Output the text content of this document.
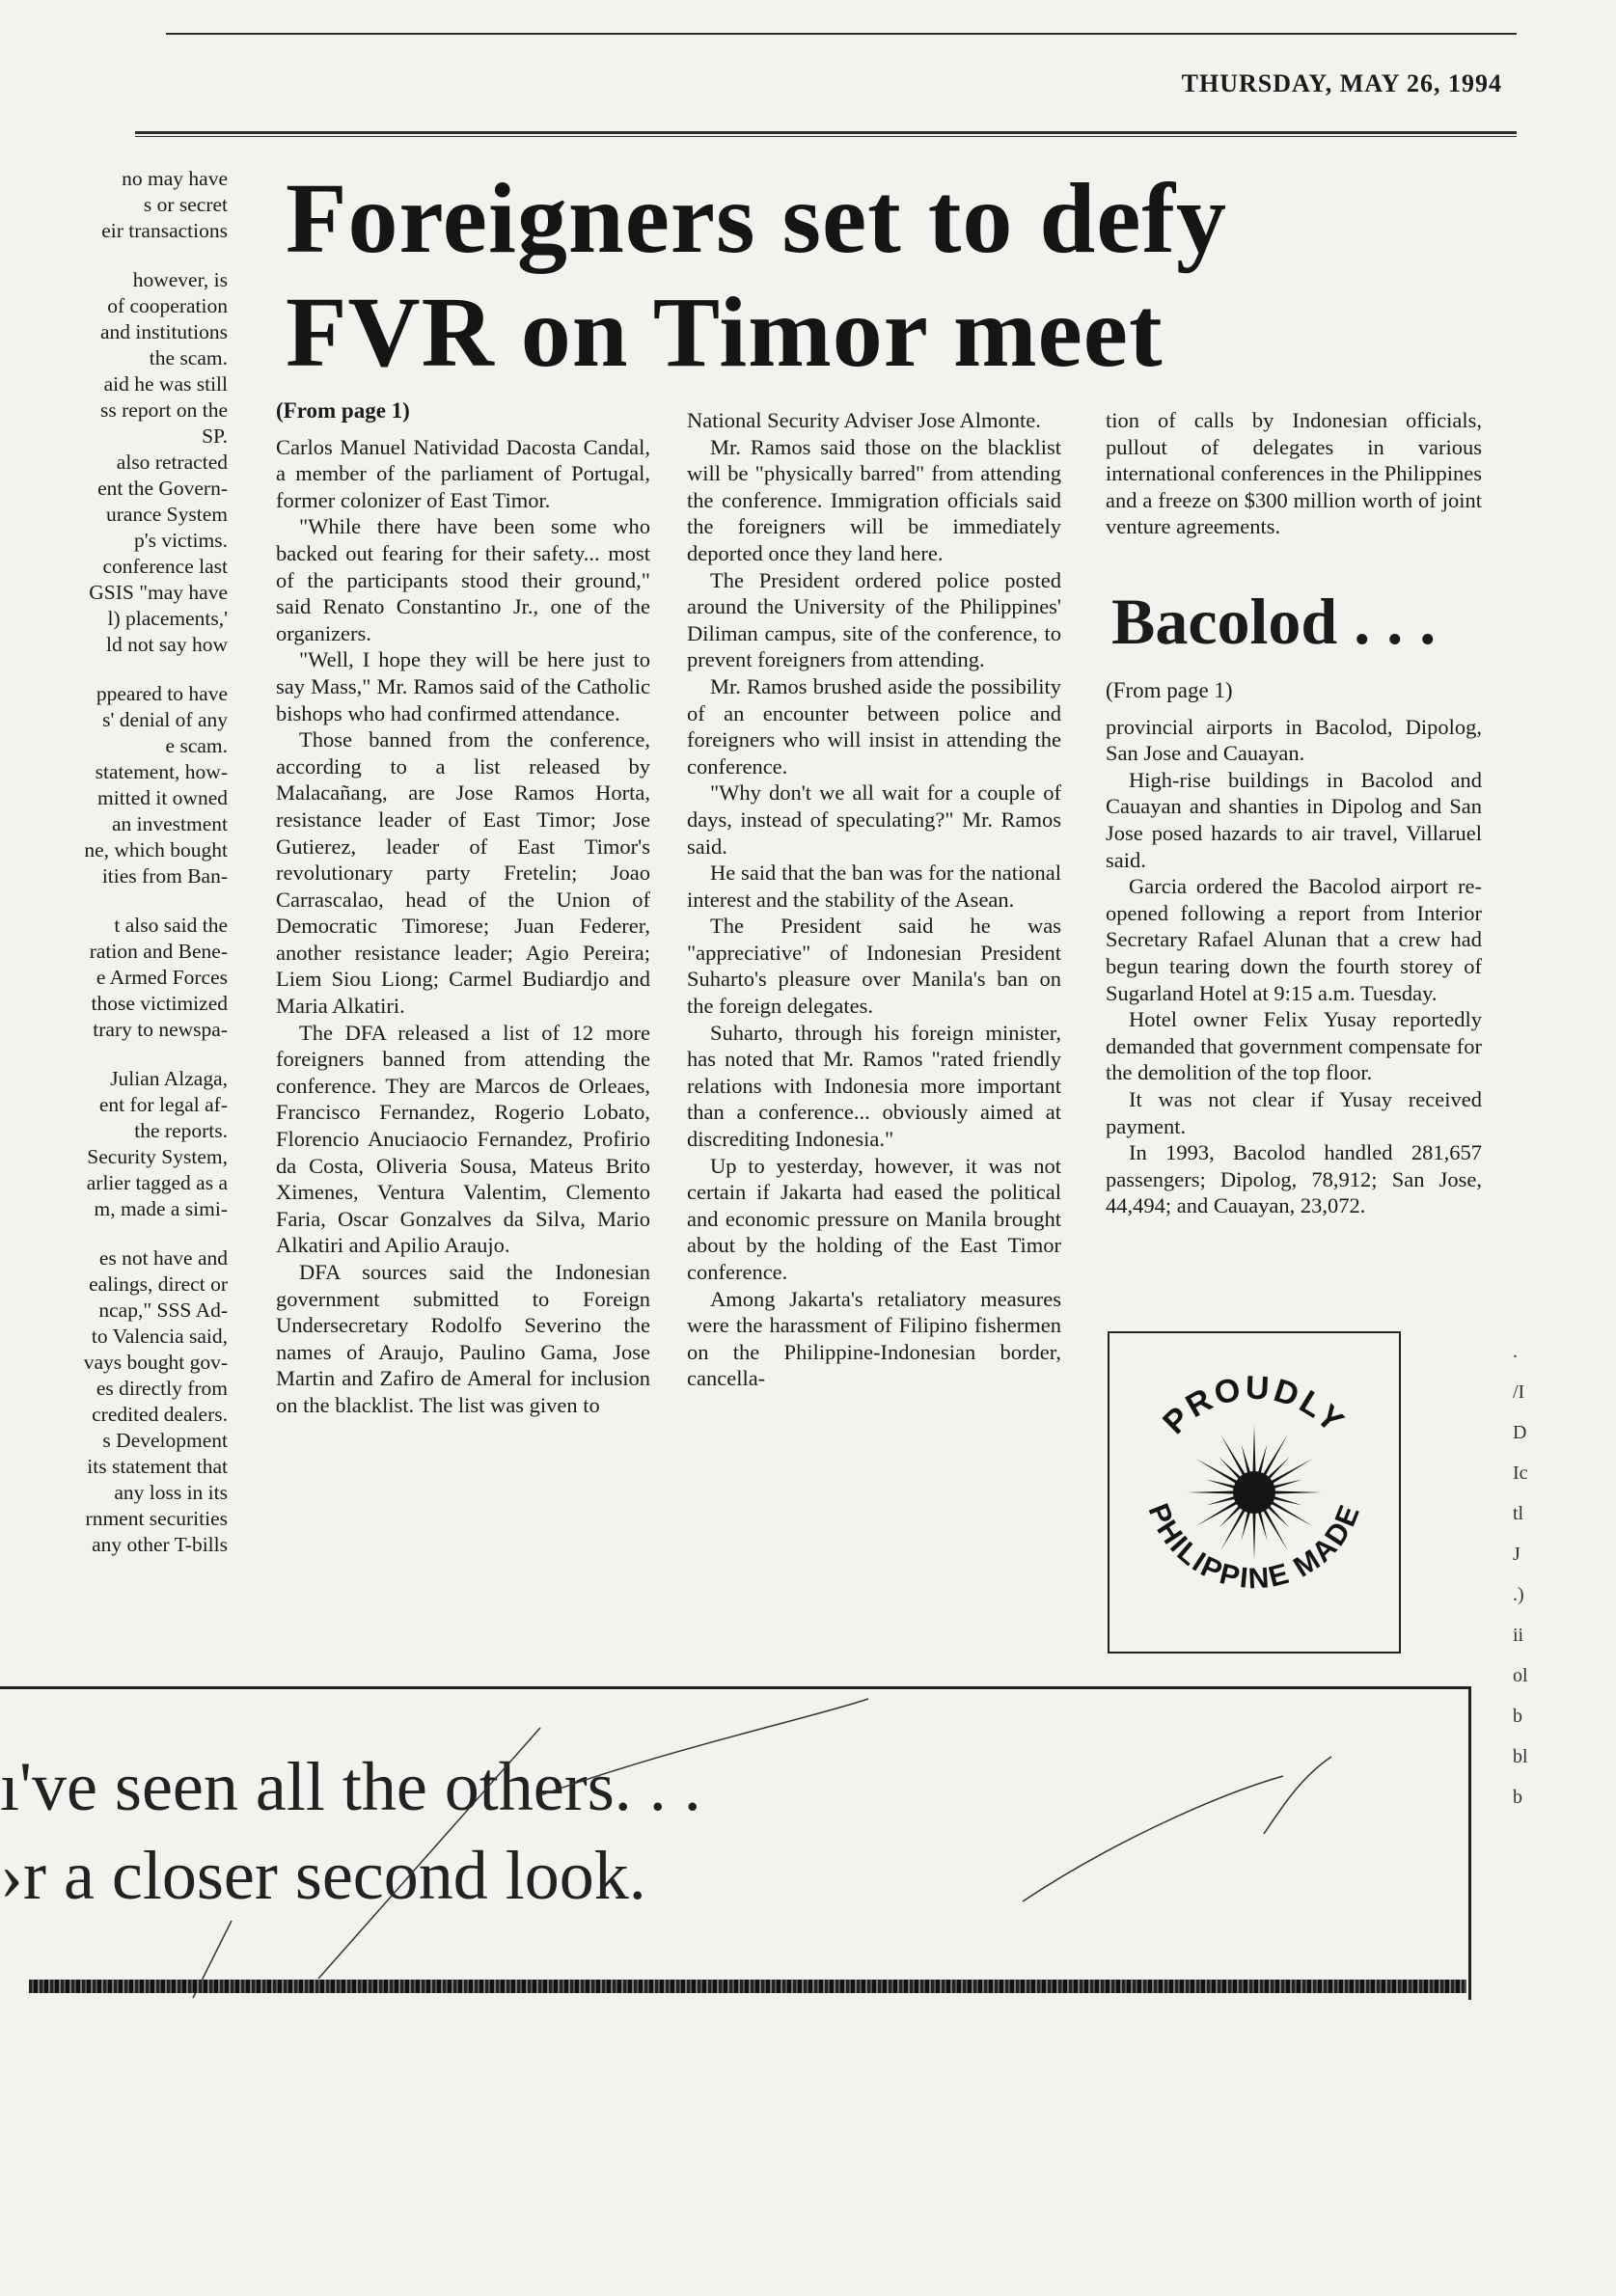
THURSDAY, MAY 26, 1994
Foreigners set to defy
FVR on Timor meet
no may have
s or secret
eir transactions
however, is
of cooperation
and institutions
the scam.
aid he was still
ss report on the
SP.
also retracted
ent the Govern-
urance System
p's victims.
conference last
GSIS "may have
l) placements,'
ld not say how
ppeared to have
s' denial of any
e scam.
statement, how-
mitted it owned
an investment
ne, which bought
ities from Ban-
t also said the
ration and Bene-
e Armed Forces
those victimized
trary to newspa-
Julian Alzaga,
ent for legal af-
the reports.
Security System,
arlier tagged as a
m, made a simi-
es not have and
ealings, direct or
ncap," SSS Ad-
to Valencia said,
vays bought gov-
es directly from
credited dealers.
s Development
its statement that
any loss in its
rnment securities
any other T-bills
(From page 1)

Carlos Manuel Natividad Dacosta Candal, a member of the parliament of Portugal, former colonizer of East Timor.

"While there have been some who backed out fearing for their safety... most of the participants stood their ground," said Renato Constantino Jr., one of the organizers.

"Well, I hope they will be here just to say Mass," Mr. Ramos said of the Catholic bishops who had confirmed attendance.

Those banned from the conference, according to a list released by Malacañang, are Jose Ramos Horta, resistance leader of East Timor; Jose Gutierez, leader of East Timor's revolutionary party Fretelin; Joao Carrascalao, head of the Union of Democratic Timorese; Juan Federer, another resistance leader; Agio Pereira; Liem Siou Liong; Carmel Budiardjo and Maria Alkatiri.

The DFA released a list of 12 more foreigners banned from attending the conference. They are Marcos de Orleaes, Francisco Fernandez, Rogerio Lobato, Florencio Anuciaocio Fernandez, Profirio da Costa, Oliveria Sousa, Mateus Brito Ximenes, Ventura Valentim, Clemento Faria, Oscar Gonzalves da Silva, Mario Alkatiri and Apilio Araujo.

DFA sources said the Indonesian government submitted to Foreign Undersecretary Rodolfo Severino the names of Araujo, Paulino Gama, Jose Martin and Zafiro de Ameral for inclusion on the blacklist. The list was given to

National Security Adviser Jose Almonte.

Mr. Ramos said those on the blacklist will be "physically barred" from attending the conference. Immigration officials said the foreigners will be immediately deported once they land here.

The President ordered police posted around the University of the Philippines' Diliman campus, site of the conference, to prevent foreigners from attending.

Mr. Ramos brushed aside the possibility of an encounter between police and foreigners who will insist in attending the conference.

"Why don't we all wait for a couple of days, instead of speculating?" Mr. Ramos said.

He said that the ban was for the national interest and the stability of the Asean.

The President said he was "appreciative" of Indonesian President Suharto's pleasure over Manila's ban on the foreign delegates.

Suharto, through his foreign minister, has noted that Mr. Ramos "rated friendly relations with Indonesia more important than a conference... obviously aimed at discrediting Indonesia."

Up to yesterday, however, it was not certain if Jakarta had eased the political and economic pressure on Manila brought about by the holding of the East Timor conference.

Among Jakarta's retaliatory measures were the harassment of Filipino fishermen on the Philippine-Indonesian border, cancella-

tion of calls by Indonesian officials, pullout of delegates in various international conferences in the Philippines and a freeze on $300 million worth of joint venture agreements.

Bacolod . . .
(From page 1)

provincial airports in Bacolod, Dipolog, San Jose and Cauayan.

High-rise buildings in Bacolod and Cauayan and shanties in Dipolog and San Jose posed hazards to air travel, Villaruel said.

Garcia ordered the Bacolod airport re-opened following a report from Interior Secretary Rafael Alunan that a crew had begun tearing down the fourth storey of Sugarland Hotel at 9:15 a.m. Tuesday.

Hotel owner Felix Yusay reportedly demanded that government compensate for the demolition of the top floor.

It was not clear if Yusay received payment.

In 1993, Bacolod handled 281,657 passengers; Dipolog, 78,912; San Jose, 44,494; and Cauayan, 23,072.

PROUDLY
PHILIPPINE MADE
.
/I
D
Ic
tl
J
.)
ii
ol
b
bl
b
ı've seen all the others. . .
›r a closer second look.
